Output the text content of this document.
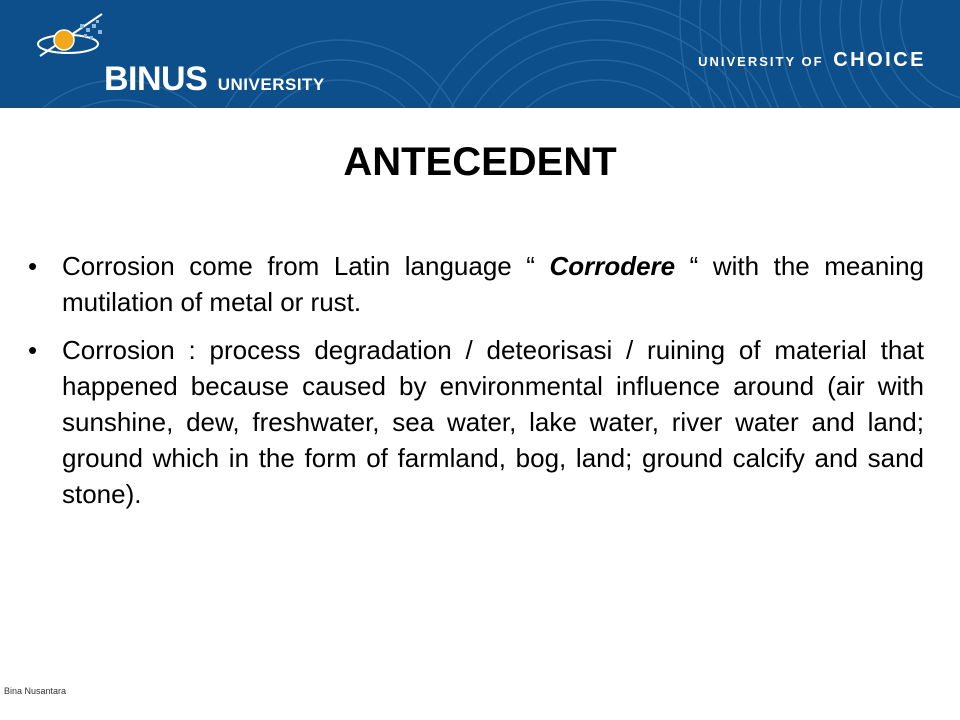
BINUS UNIVERSITY
UNIVERSITY OF CHOICE
ANTECEDENT
• Corrosion come from Latin language “ Corrodere “ with the meaning mutilation of metal or rust.
• Corrosion : process degradation / deteorisasi / ruining of material that happened because caused by environmental influence around (air with sunshine, dew, freshwater, sea water, lake water, river water and land; ground which in the form of farmland, bog, land; ground calcify and sand stone).
Bina Nusantara
